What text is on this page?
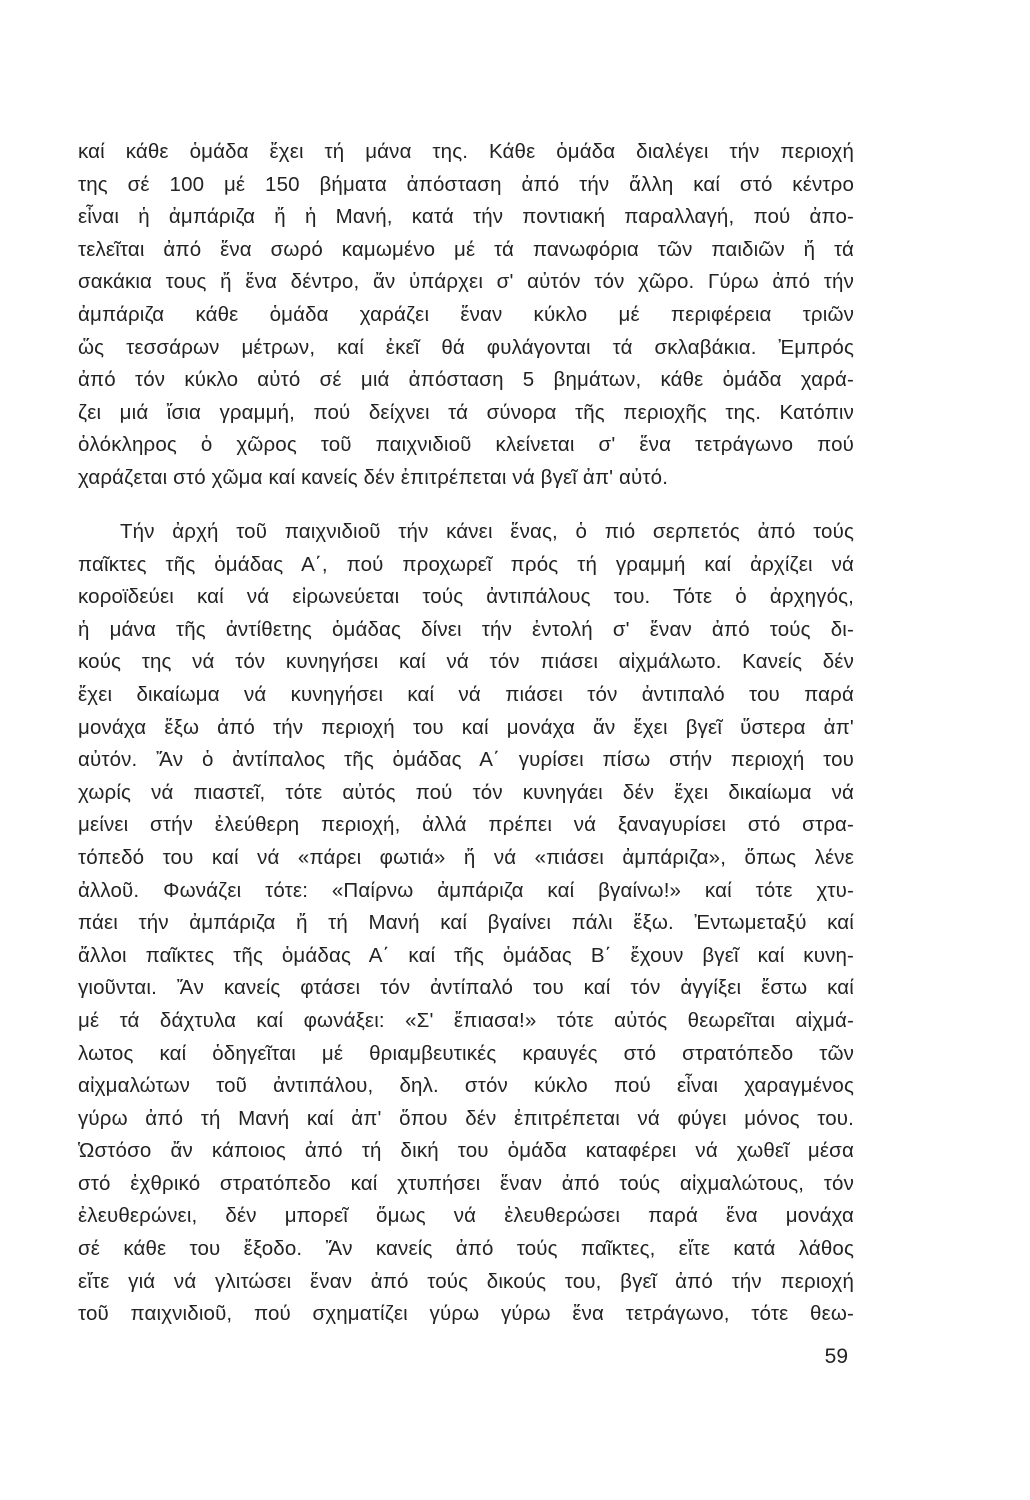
καί κάθε ὁμάδα ἔχει τή μάνα της. Κάθε ὁμάδα διαλέγει τήν περιοχή
της σέ 100 μέ 150 βήματα ἀπόσταση ἀπό τήν ἄλλη καί στό κέντρο
εἶναι ἡ ἀμπάριζα ἤ ἡ Μανή, κατά τήν ποντιακή παραλλαγή, πού ἀπο-
τελεῖται ἀπό ἕνα σωρό καμωμένο μέ τά πανωφόρια τῶν παιδιῶν ἤ τά
σακάκια τους ἤ ἕνα δέντρο, ἄν ὑπάρχει σ' αὐτόν τόν χῶρο. Γύρω ἀπό τήν
ἀμπάριζα κάθε ὁμάδα χαράζει ἕναν κύκλο μέ περιφέρεια τριῶν
ὥς τεσσάρων μέτρων, καί ἐκεῖ θά φυλάγονται τά σκλαβάκια. Ἐμπρός
ἀπό τόν κύκλο αὐτό σέ μιά ἀπόσταση 5 βημάτων, κάθε ὁμάδα χαρά-
ζει μιά ἴσια γραμμή, πού δείχνει τά σύνορα τῆς περιοχῆς της. Κατόπιν
ὁλόκληρος ὁ χῶρος τοῦ παιχνιδιοῦ κλείνεται σ' ἕνα τετράγωνο πού
χαράζεται στό χῶμα καί κανείς δέν ἐπιτρέπεται νά βγεῖ ἀπ' αὐτό.
Τήν ἀρχή τοῦ παιχνιδιοῦ τήν κάνει ἕνας, ὁ πιό σερπετός ἀπό τούς
παῖκτες τῆς ὁμάδας Α΄, πού προχωρεῖ πρός τή γραμμή καί ἀρχίζει νά
κοροϊδεύει καί νά εἰρωνεύεται τούς ἀντιπάλους του. Τότε ὁ ἀρχηγός,
ἡ μάνα τῆς ἀντίθετης ὁμάδας δίνει τήν ἐντολή σ' ἕναν ἀπό τούς δι-
κούς της νά τόν κυνηγήσει καί νά τόν πιάσει αἰχμάλωτο. Κανείς δέν
ἔχει δικαίωμα νά κυνηγήσει καί νά πιάσει τόν ἀντιπαλό του παρά
μονάχα ἔξω ἀπό τήν περιοχή του καί μονάχα ἄν ἔχει βγεῖ ὕστερα ἀπ'
αὐτόν. Ἄν ὁ ἀντίπαλος τῆς ὁμάδας Α΄ γυρίσει πίσω στήν περιοχή του
χωρίς νά πιαστεῖ, τότε αὐτός πού τόν κυνηγάει δέν ἔχει δικαίωμα νά
μείνει στήν ἐλεύθερη περιοχή, ἀλλά πρέπει νά ξαναγυρίσει στό στρα-
τόπεδό του καί νά «πάρει φωτιά» ἤ νά «πιάσει ἀμπάριζα», ὅπως λένε
ἀλλοῦ. Φωνάζει τότε: «Παίρνω ἀμπάριζα καί βγαίνω!» καί τότε χτυ-
πάει τήν ἀμπάριζα ἤ τή Μανή καί βγαίνει πάλι ἔξω. Ἐντωμεταξύ καί
ἄλλοι παῖκτες τῆς ὁμάδας Α΄ καί τῆς ὁμάδας Β΄ ἔχουν βγεῖ καί κυνη-
γιοῦνται. Ἄν κανείς φτάσει τόν ἀντίπαλό του καί τόν ἀγγίξει ἔστω καί
μέ τά δάχτυλα καί φωνάξει: «Σ' ἔπιασα!» τότε αὐτός θεωρεῖται αἰχμά-
λωτος καί ὁδηγεῖται μέ θριαμβευτικές κραυγές στό στρατόπεδο τῶν
αἰχμαλώτων τοῦ ἀντιπάλου, δηλ. στόν κύκλο πού εἶναι χαραγμένος
γύρω ἀπό τή Μανή καί ἀπ' ὅπου δέν ἐπιτρέπεται νά φύγει μόνος του.
Ὡστόσο ἄν κάποιος ἀπό τή δική του ὁμάδα καταφέρει νά χωθεῖ μέσα
στό ἐχθρικό στρατόπεδο καί χτυπήσει ἕναν ἀπό τούς αἰχμαλώτους, τόν
ἐλευθερώνει, δέν μπορεῖ ὅμως νά ἐλευθερώσει παρά ἕνα μονάχα
σέ κάθε του ἔξοδο. Ἄν κανείς ἀπό τούς παῖκτες, εἴτε κατά λάθος
εἴτε γιά νά γλιτώσει ἕναν ἀπό τούς δικούς του, βγεῖ ἀπό τήν περιοχή
τοῦ παιχνιδιοῦ, πού σχηματίζει γύρω γύρω ἕνα τετράγωνο, τότε θεω-
59
